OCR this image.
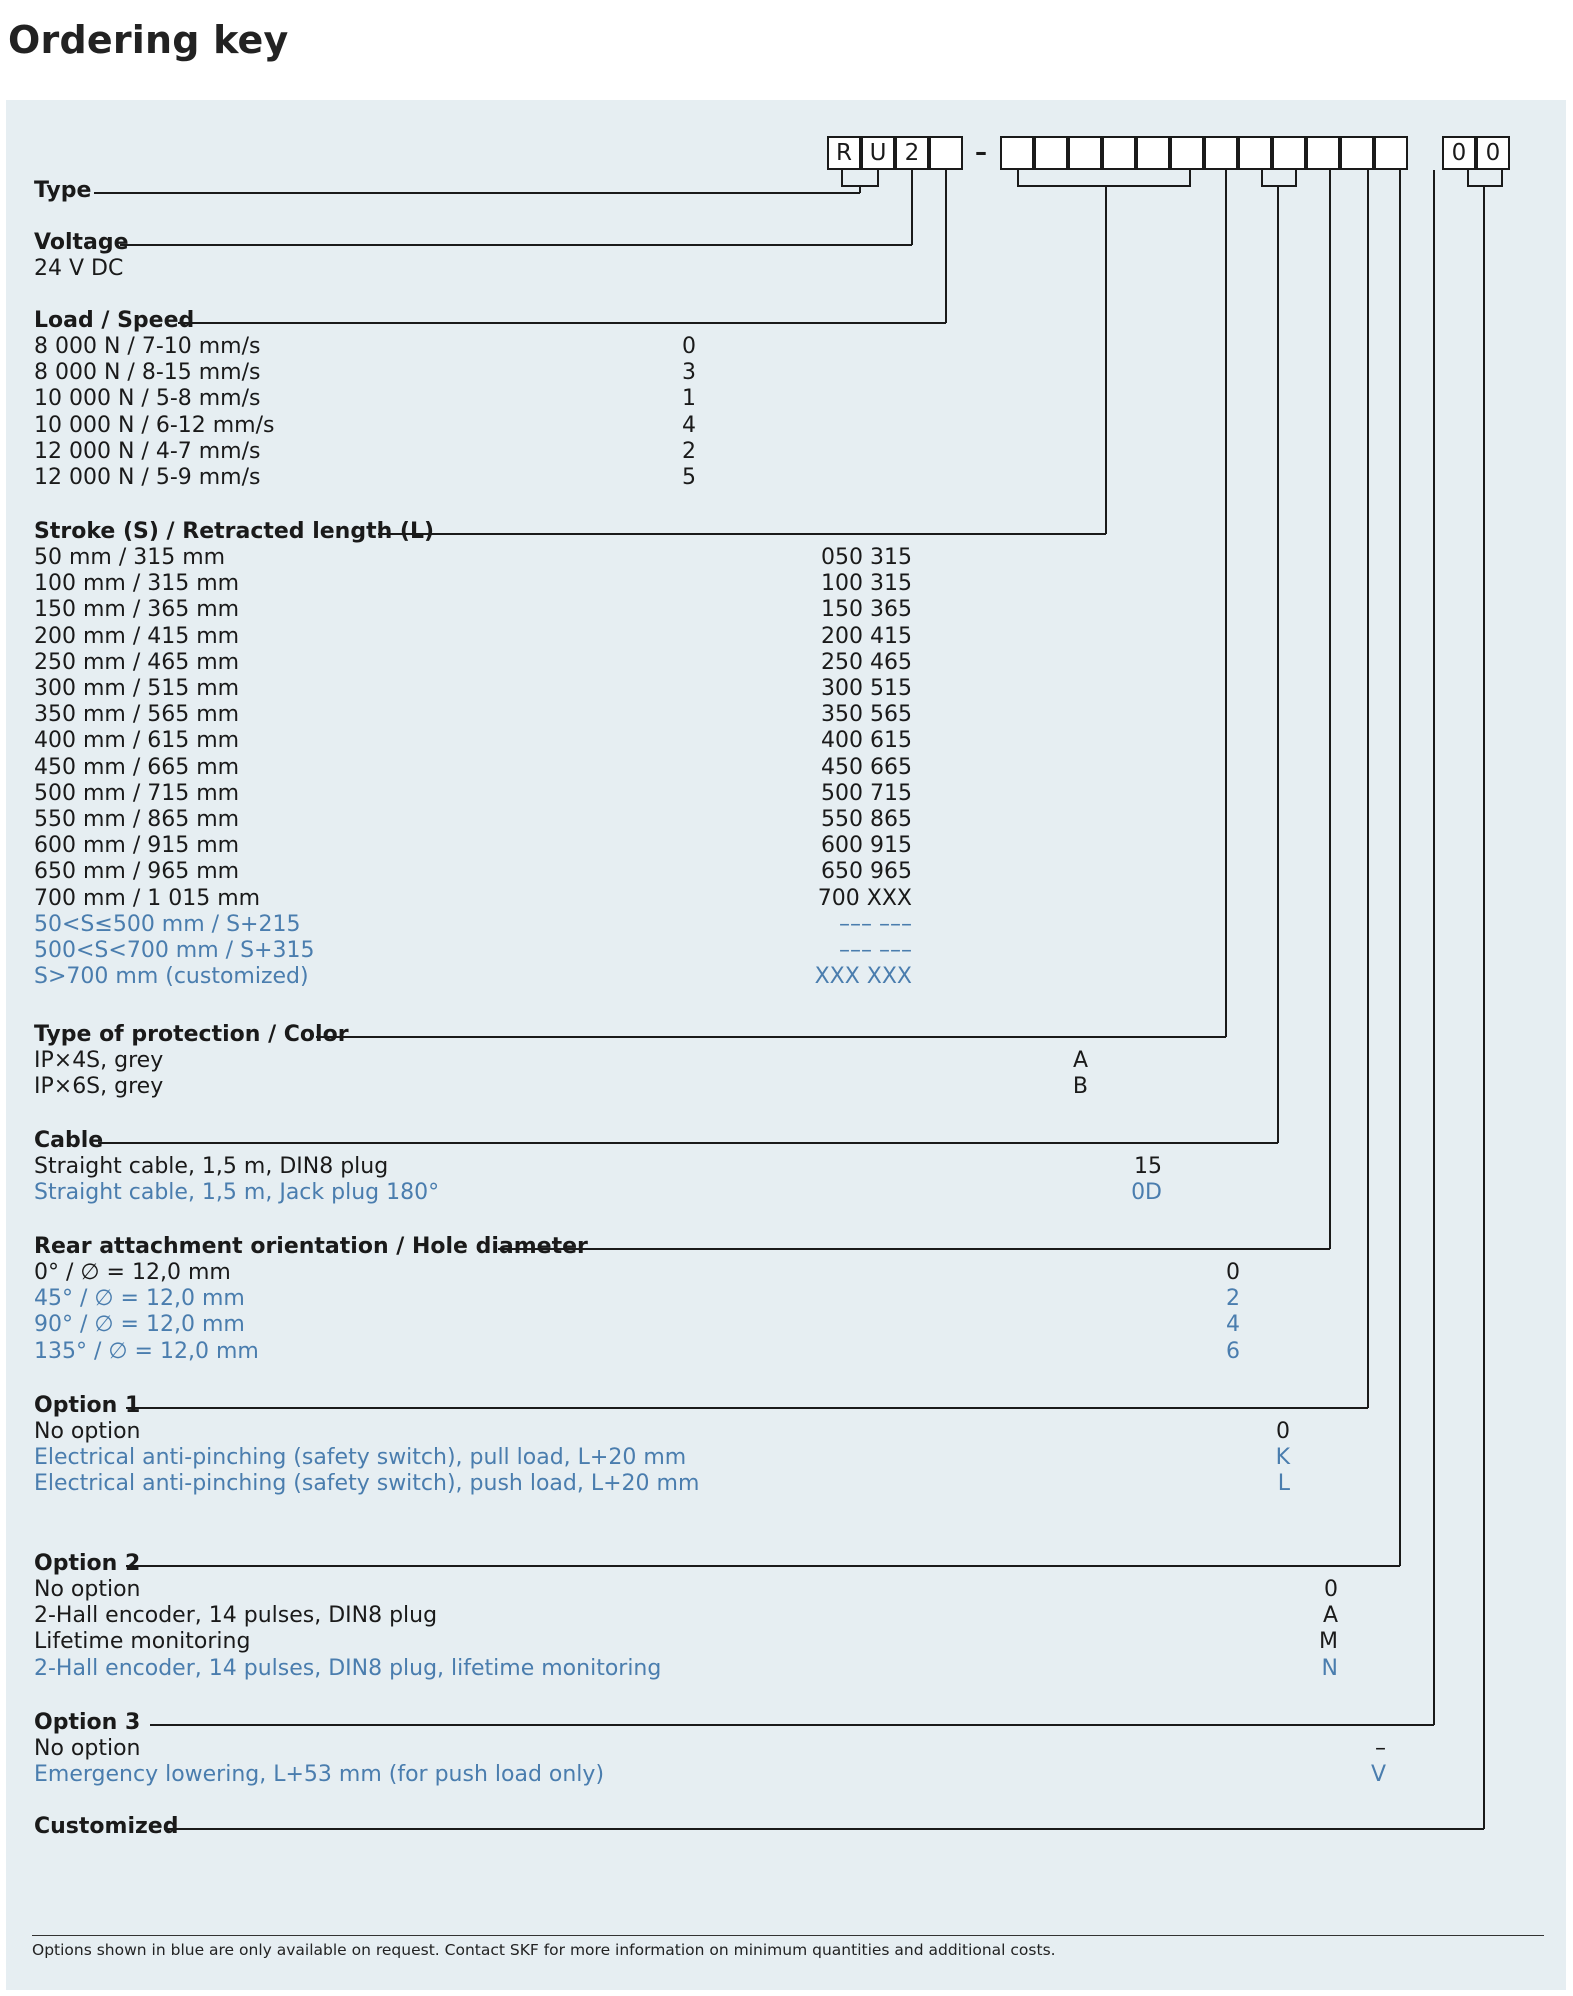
Ordering key
R U 2	0 0
–
Type
Voltage
24 V DC
Load / Speed
8 000 N / 7-10 mm/s	0
8 000 N / 8-15 mm/s	3
10 000 N / 5-8 mm/s	1
10 000 N / 6-12 mm/s	4
12 000 N / 4-7 mm/s	2
12 000 N / 5-9 mm/s	5
Stroke (S) / Retracted length (L)
50 mm / 315 mm	050 315
100 mm / 315 mm	100 315
150 mm / 365 mm	150 365
200 mm / 415 mm	200 415
250 mm / 465 mm	250 465
300 mm / 515 mm	300 515
350 mm / 565 mm	350 565
400 mm / 615 mm	400 615
450 mm / 665 mm	450 665
500 mm / 715 mm	500 715
550 mm / 865 mm	550 865
600 mm / 915 mm	600 915
650 mm / 965 mm	650 965
700 mm / 1 015 mm	700 XXX
50<S≤500 mm / S+215	––– –––
500<S<700 mm / S+315	––– –––
S>700 mm (customized)	XXX XXX
Type of protection / Color
IP×4S, grey	A
IP×6S, grey	B
Cable
Straight cable, 1,5 m, DIN8 plug	15
Straight cable, 1,5 m, Jack plug 180°	0D
Rear attachment orientation / Hole diameter
0° / ∅ = 12,0 mm	0
45° / ∅ = 12,0 mm	2
90° / ∅ = 12,0 mm	4
135° / ∅ = 12,0 mm	6
Option 1
No option	0
Electrical anti-pinching (safety switch), pull load, L+20 mm	K
Electrical anti-pinching (safety switch), push load, L+20 mm	L
Option 2
No option	0
2-Hall encoder, 14 pulses, DIN8 plug	A
Lifetime monitoring	M
2-Hall encoder, 14 pulses, DIN8 plug, lifetime monitoring	N
Option 3
No option	–
Emergency lowering, L+53 mm (for push load only)	V
Customized
Options shown in blue are only available on request. Contact SKF for more information on minimum quantities and additional costs.
